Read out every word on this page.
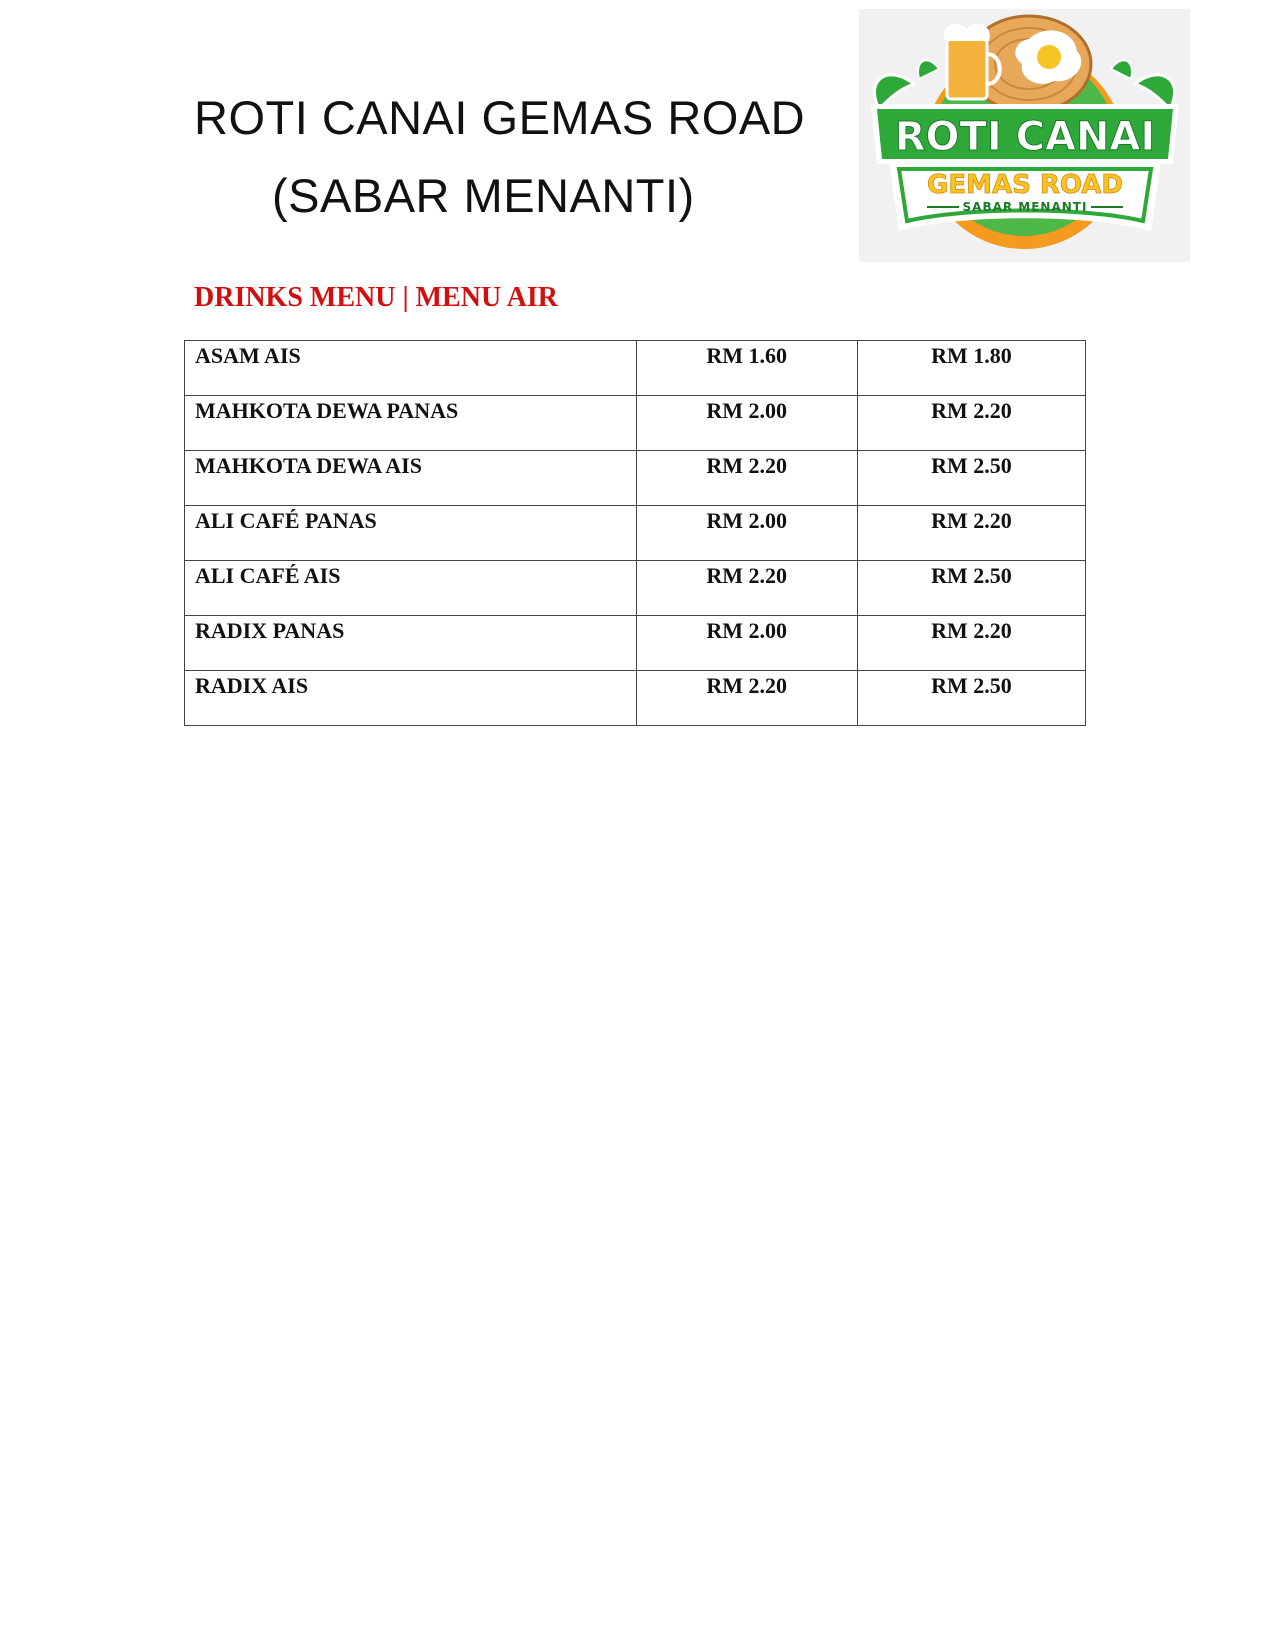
ROTI CANAI GEMAS ROAD
(SABAR MENANTI)
ROTI CANAI
GEMAS ROAD
SABAR MENANTI
DRINKS MENU | MENU AIR
ASAM AIS	RM 1.60	RM 1.80
MAHKOTA DEWA PANAS	RM 2.00	RM 2.20
MAHKOTA DEWA AIS	RM 2.20	RM 2.50
ALI CAFÉ PANAS	RM 2.00	RM 2.20
ALI CAFÉ AIS	RM 2.20	RM 2.50
RADIX PANAS	RM 2.00	RM 2.20
RADIX AIS	RM 2.20	RM 2.50
